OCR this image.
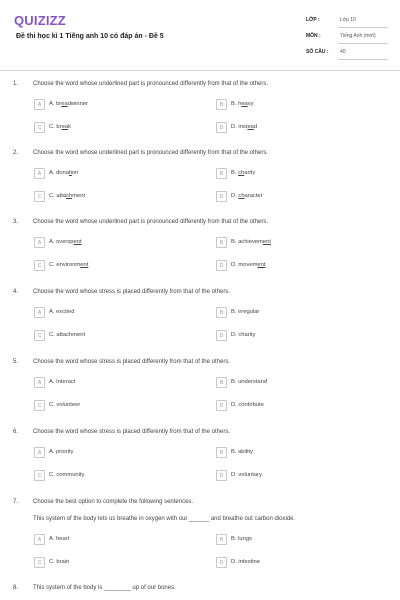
QUIZIZZ
Đề thi học kì 1 Tiếng anh 10 có đáp án - Đề 5
LỚP :	Lớp 10
MÔN :	Tiếng Anh (mới)
SỐ CÂU : 40
1. Choose the word whose underlined part is pronounced differently from that of the others.
A	A. breadwinner	B	B. heavy
C	C. break	D	D. instead
2. Choose the word whose underlined part is pronounced differently from that of the others.
A	A. donation	B	B. charity
C	C. attachment	D	D. character
3. Choose the word whose underlined part is pronounced differently from that of the others.
A	A. overspent	B	B. achievement
C	C. environment	D	D. movement
4. Choose the word whose stress is placed differently from that of the others.
A	A. excited	B	B. irregular
C	C. attachment	D	D. charity
5. Choose the word whose stress is placed differently from that of the others.
A	A. Interact	B	B. understand
C	C. volunteer	D	D. contribute
6. Choose the word whose stress is placed differently from that of the others.
A	A. priority	B	B. ability
C	C. community	D	D. voluntary.
7. Choose the best option to complete the following sentences.
This system of the body lets us breathe in oxygen with our ______ and breathe out carbon dioxide.
A	A. heart	B	B. lungs
C	C. brain	D	D. intestine
8. This system of the body is ________ up of our bones.
